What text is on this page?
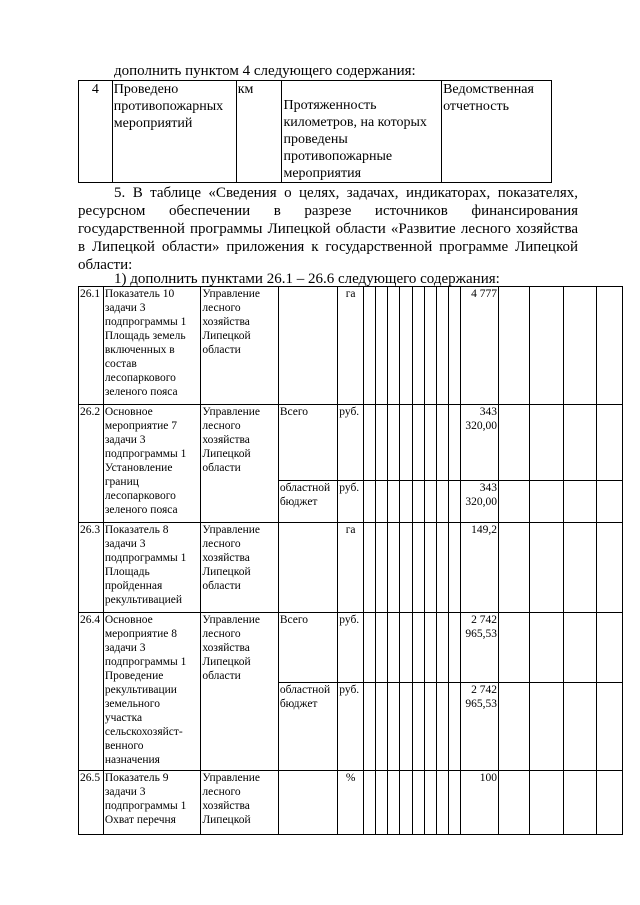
дополнить пунктом 4 следующего содержания:
4	Проведено противопожарных мероприятий	км	Протяженность километров, на которых проведены противопожарные мероприятия	Ведомственная отчетность
5. В таблице «Сведения о целях, задачах, индикаторах, показателях,
ресурсном обеспечении в разрезе источников финансирования
государственной программы Липецкой области «Развитие лесного хозяйства
в Липецкой области» приложения к государственной программе Липецкой
области:
1) дополнить пунктами 26.1 – 26.6 следующего содержания:
26.1	Показатель 10 задачи 3 подпрограммы 1 Площадь земель включенных в состав лесопаркового зеленого пояса	Управление лесного хозяйства Липецкой области		га									4 777				
26.2	Основное мероприятие 7 задачи 3 подпрограммы 1 Установление границ лесопаркового зеленого пояса	Управление лесного хозяйства Липецкой области	Всего	руб.									343 320,00				
			областной бюджет	руб.									343 320,00				
26.3	Показатель 8 задачи 3 подпрограммы 1 Площадь пройденная рекультивацией	Управление лесного хозяйства Липецкой области		га									149,2				
26.4	Основное мероприятие 8 задачи 3 подпрограммы 1 Проведение рекультивации земельного участка сельскохозяйст-венного назначения	Управление лесного хозяйства Липецкой области	Всего	руб.									2 742 965,53				
			областной бюджет	руб.									2 742 965,53				
26.5	Показатель 9 задачи 3 подпрограммы 1 Охват перечня	Управление лесного хозяйства Липецкой		%									100				
